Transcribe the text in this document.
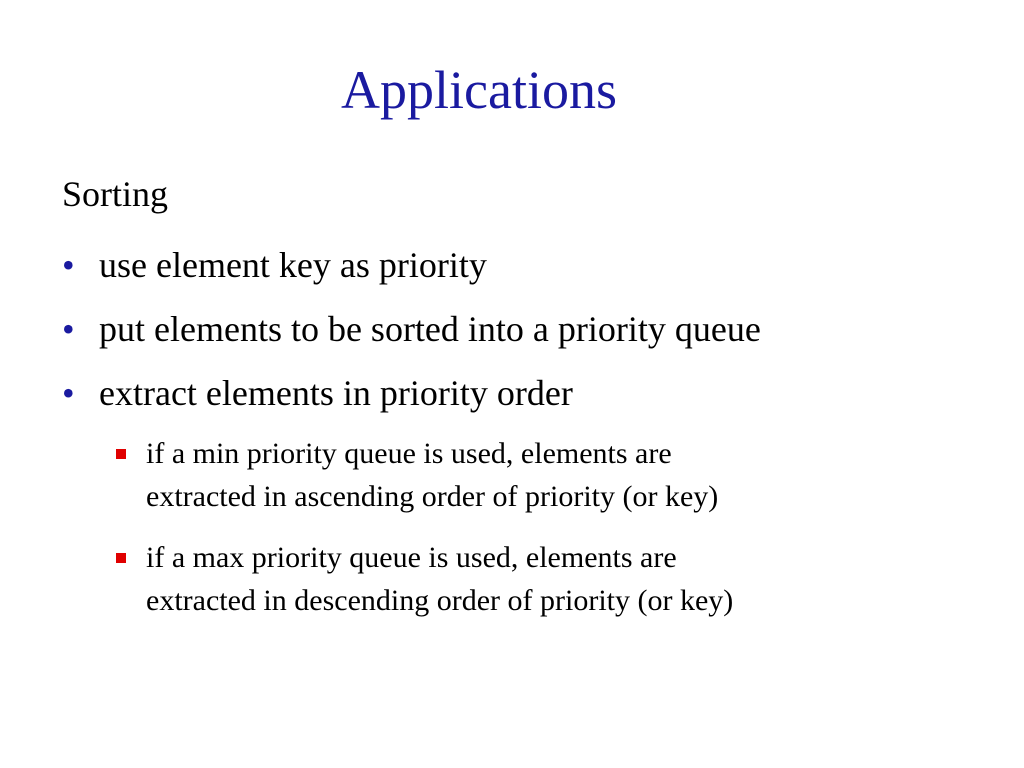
Applications
Sorting
• use element key as priority
• put elements to be sorted into a priority queue
• extract elements in priority order
if a min priority queue is used, elements are
extracted in ascending order of priority (or key)
if a max priority queue is used, elements are
extracted in descending order of priority (or key)
